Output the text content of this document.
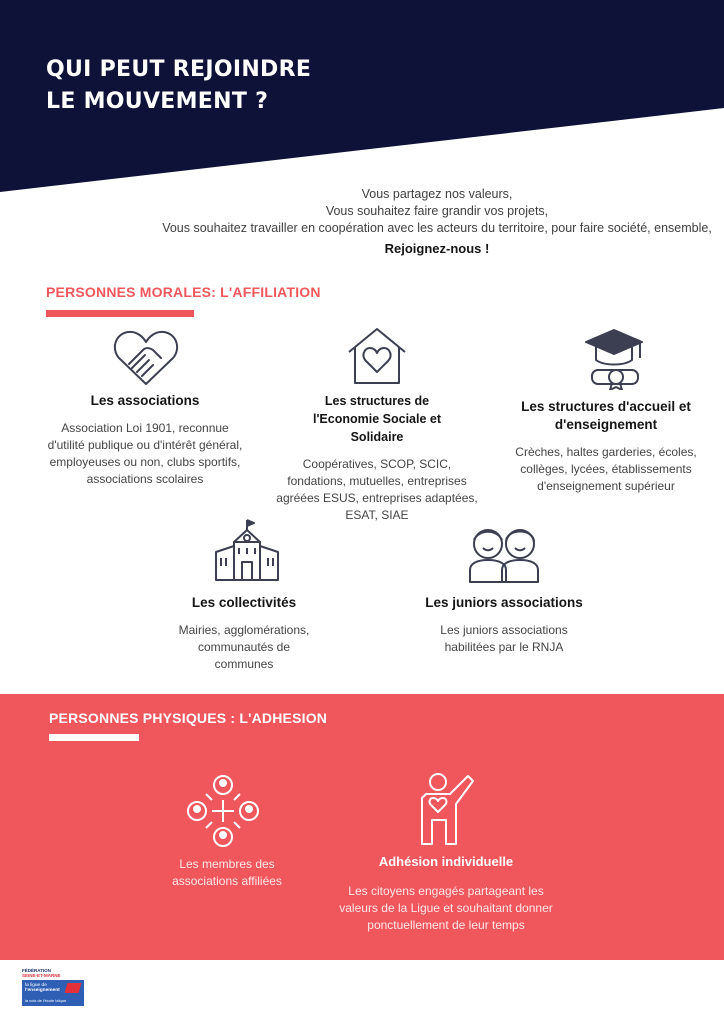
QUI PEUT REJOINDRE
LE MOUVEMENT ?
Vous partagez nos valeurs,
Vous souhaitez faire grandir vos projets,
Vous souhaitez travailler en coopération avec les acteurs du territoire, pour faire société, ensemble,
Rejoignez-nous !
PERSONNES MORALES: L'AFFILIATION
Les associations

Association Loi 1901, reconnue d'utilité publique ou d'intérêt général, employeuses ou non, clubs sportifs, associations scolaires

Les structures de l'Economie Sociale et Solidaire

Coopératives, SCOP, SCIC, fondations, mutuelles, entreprises agréées ESUS, entreprises adaptées, ESAT, SIAE

Les structures d'accueil et d'enseignement

Crèches, haltes garderies, écoles, collèges, lycées, établissements d'enseignement supérieur

Les collectivités

Mairies, agglomérations, communautés de communes

Les juniors associations

Les juniors associations habilitées par le RNJA

PERSONNES PHYSIQUES : L'ADHESION

Les membres des associations affiliées

Adhésion individuelle

Les citoyens engagés partageant les valeurs de la Ligue et souhaitant donner ponctuellement de leur temps

FÉDÉRATION
SEINE-ET-MARNE
la ligue de
l'enseignement
la voix de l'école laïque
